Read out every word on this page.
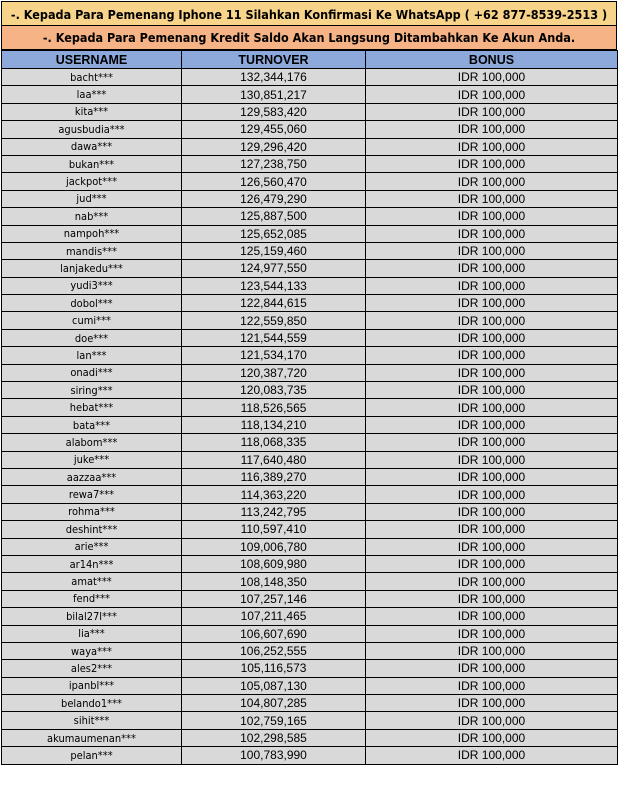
-. Kepada Para Pemenang Iphone 11 Silahkan Konfirmasi Ke WhatsApp ( +62 877-8539-2513 )
-. Kepada Para Pemenang Kredit Saldo Akan Langsung Ditambahkan Ke Akun Anda.
USERNAME	TURNOVER	BONUS
bacht***	132,344,176	IDR 100,000
laa***	130,851,217	IDR 100,000
kita***	129,583,420	IDR 100,000
agusbudia***	129,455,060	IDR 100,000
dawa***	129,296,420	IDR 100,000
bukan***	127,238,750	IDR 100,000
jackpot***	126,560,470	IDR 100,000
jud***	126,479,290	IDR 100,000
nab***	125,887,500	IDR 100,000
nampoh***	125,652,085	IDR 100,000
mandis***	125,159,460	IDR 100,000
lanjakedu***	124,977,550	IDR 100,000
yudi3***	123,544,133	IDR 100,000
dobol***	122,844,615	IDR 100,000
cumi***	122,559,850	IDR 100,000
doe***	121,544,559	IDR 100,000
lan***	121,534,170	IDR 100,000
onadi***	120,387,720	IDR 100,000
siring***	120,083,735	IDR 100,000
hebat***	118,526,565	IDR 100,000
bata***	118,134,210	IDR 100,000
alabom***	118,068,335	IDR 100,000
juke***	117,640,480	IDR 100,000
aazzaa***	116,389,270	IDR 100,000
rewa7***	114,363,220	IDR 100,000
rohma***	113,242,795	IDR 100,000
deshint***	110,597,410	IDR 100,000
arie***	109,006,780	IDR 100,000
ar14n***	108,609,980	IDR 100,000
amat***	108,148,350	IDR 100,000
fend***	107,257,146	IDR 100,000
bilal27l***	107,211,465	IDR 100,000
lia***	106,607,690	IDR 100,000
waya***	106,252,555	IDR 100,000
ales2***	105,116,573	IDR 100,000
ipanbl***	105,087,130	IDR 100,000
belando1***	104,807,285	IDR 100,000
sihit***	102,759,165	IDR 100,000
akumaumenan***	102,298,585	IDR 100,000
pelan***	100,783,990	IDR 100,000
